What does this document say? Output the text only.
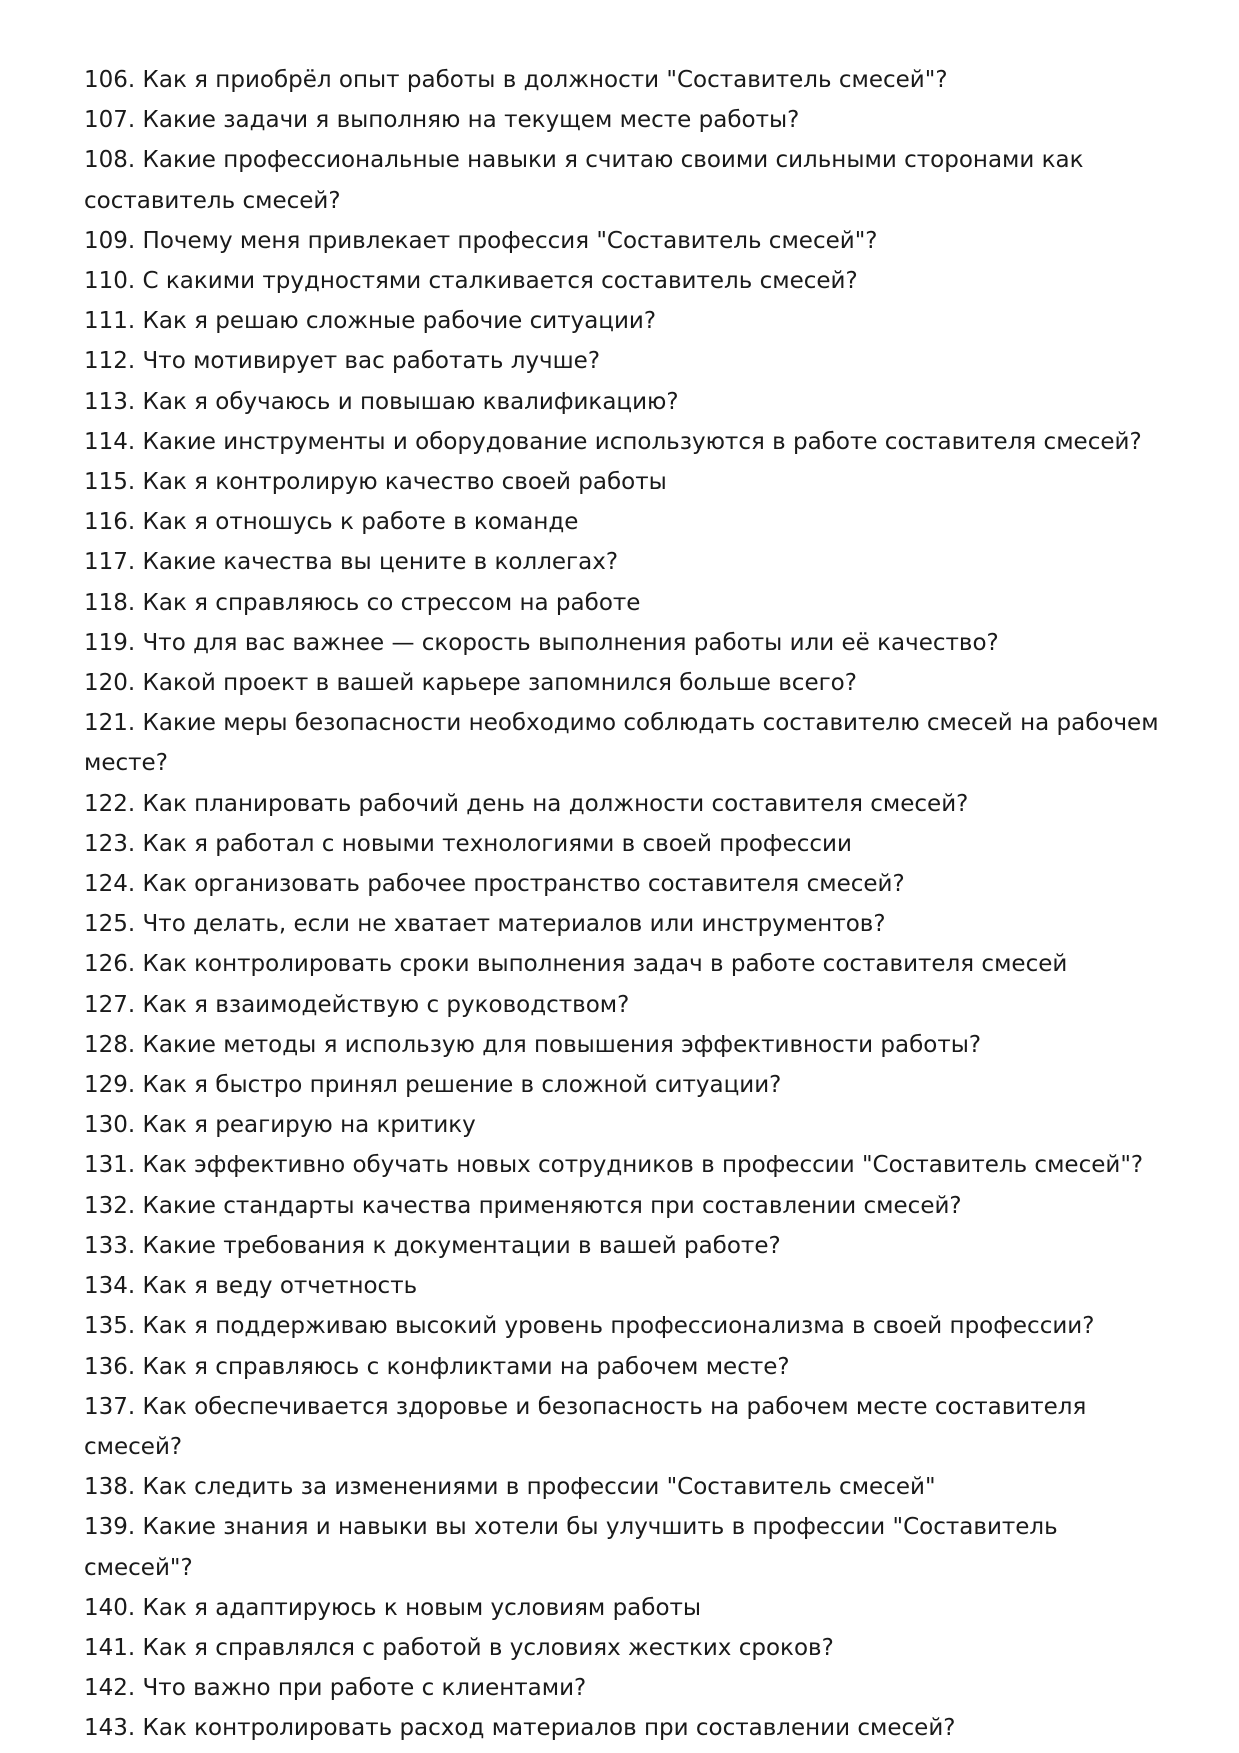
106. Как я приобрёл опыт работы в должности "Составитель смесей"?

107. Какие задачи я выполняю на текущем месте работы?

108. Какие профессиональные навыки я считаю своими сильными сторонами как составитель смесей?

109. Почему меня привлекает профессия "Составитель смесей"?

110. С какими трудностями сталкивается составитель смесей?

111. Как я решаю сложные рабочие ситуации?

112. Что мотивирует вас работать лучше?

113. Как я обучаюсь и повышаю квалификацию?

114. Какие инструменты и оборудование используются в работе составителя смесей?

115. Как я контролирую качество своей работы

116. Как я отношусь к работе в команде

117. Какие качества вы цените в коллегах?

118. Как я справляюсь со стрессом на работе

119. Что для вас важнее — скорость выполнения работы или её качество?

120. Какой проект в вашей карьере запомнился больше всего?

121. Какие меры безопасности необходимо соблюдать составителю смесей на рабочем месте?

122. Как планировать рабочий день на должности составителя смесей?

123. Как я работал с новыми технологиями в своей профессии

124. Как организовать рабочее пространство составителя смесей?

125. Что делать, если не хватает материалов или инструментов?

126. Как контролировать сроки выполнения задач в работе составителя смесей

127. Как я взаимодействую с руководством?

128. Какие методы я использую для повышения эффективности работы?

129. Как я быстро принял решение в сложной ситуации?

130. Как я реагирую на критику

131. Как эффективно обучать новых сотрудников в профессии "Составитель смесей"?

132. Какие стандарты качества применяются при составлении смесей?

133. Какие требования к документации в вашей работе?

134. Как я веду отчетность

135. Как я поддерживаю высокий уровень профессионализма в своей профессии?

136. Как я справляюсь с конфликтами на рабочем месте?

137. Как обеспечивается здоровье и безопасность на рабочем месте составителя смесей?

138. Как следить за изменениями в профессии "Составитель смесей"

139. Какие знания и навыки вы хотели бы улучшить в профессии "Составитель смесей"?

140. Как я адаптируюсь к новым условиям работы

141. Как я справлялся с работой в условиях жестких сроков?

142. Что важно при работе с клиентами?

143. Как контролировать расход материалов при составлении смесей?
